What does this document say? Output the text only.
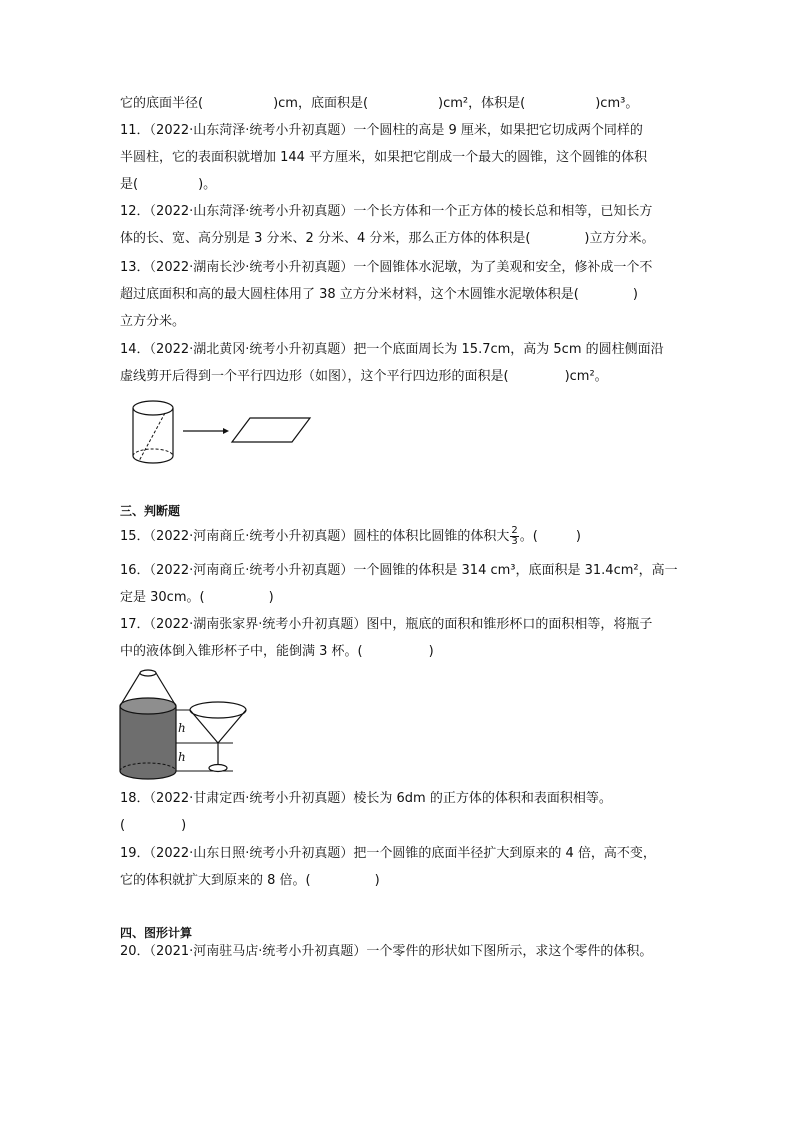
它的底面半径(	)cm，底面积是(	)cm²，体积是(	)cm³。
11．（2022·山东菏泽·统考小升初真题）一个圆柱的高是 9 厘米，如果把它切成两个同样的
半圆柱，它的表面积就增加 144 平方厘米，如果把它削成一个最大的圆锥，这个圆锥的体积
是(	)。
12．（2022·山东菏泽·统考小升初真题）一个长方体和一个正方体的棱长总和相等，已知长方
体的长、宽、高分别是 3 分米、2 分米、4 分米，那么正方体的体积是(	)立方分米。
13．（2022·湖南长沙·统考小升初真题）一个圆锥体水泥墩，为了美观和安全，修补成一个不
超过底面积和高的最大圆柱体用了 38 立方分米材料，这个木圆锥水泥墩体积是(	)
立方分米。
14．（2022·湖北黄冈·统考小升初真题）把一个底面周长为 15.7cm，高为 5cm 的圆柱侧面沿
虚线剪开后得到一个平行四边形（如图），这个平行四边形的面积是(	)cm²。
三、判断题
15．（2022·河南商丘·统考小升初真题）圆柱的体积比圆锥的体积大 $\frac{2}{3}$ 。(	)
16．（2022·河南商丘·统考小升初真题）一个圆锥的体积是 314 cm³，底面积是 31.4cm²，高一
定是 30cm。(	)
17．（2022·湖南张家界·统考小升初真题）图中，瓶底的面积和锥形杯口的面积相等，将瓶子
中的液体倒入锥形杯子中，能倒满 3 杯。(	)
h
h
18．（2022·甘肃定西·统考小升初真题）棱长为 6dm 的正方体的体积和表面积相等。
(	)
19．（2022·山东日照·统考小升初真题）把一个圆锥的底面半径扩大到原来的 4 倍，高不变，
它的体积就扩大到原来的 8 倍。(	)
四、图形计算
20．（2021·河南驻马店·统考小升初真题）一个零件的形状如下图所示，求这个零件的体积。
